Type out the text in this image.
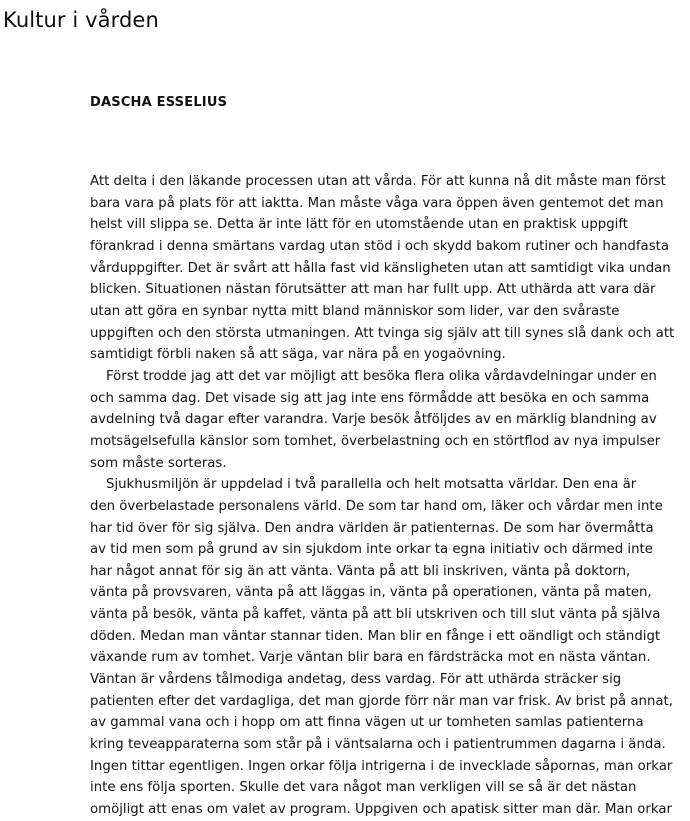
Kultur i vården
DASCHA ESSELIUS
Att delta i den läkande processen utan att vårda. För att kunna nå dit måste man först
bara vara på plats för att iaktta. Man måste våga vara öppen även gentemot det man
helst vill slippa se. Detta är inte lätt för en utomstående utan en praktisk uppgift
förankrad i denna smärtans vardag utan stöd i och skydd bakom rutiner och handfasta
vårduppgifter. Det är svårt att hålla fast vid känsligheten utan att samtidigt vika undan
blicken. Situationen nästan förutsätter att man har fullt upp. Att uthärda att vara där
utan att göra en synbar nytta mitt bland människor som lider, var den svåraste
uppgiften och den största utmaningen. Att tvinga sig själv att till synes slå dank och att
samtidigt förbli naken så att säga, var nära på en yogaövning.
Först trodde jag att det var möjligt att besöka flera olika vårdavdelningar under en
och samma dag. Det visade sig att jag inte ens förmådde att besöka en och samma
avdelning två dagar efter varandra. Varje besök åtföljdes av en märklig blandning av
motsägelsefulla känslor som tomhet, överbelastning och en störtflod av nya impulser
som måste sorteras.
Sjukhusmiljön är uppdelad i två parallella och helt motsatta världar. Den ena är
den överbelastade personalens värld. De som tar hand om, läker och vårdar men inte
har tid över för sig själva. Den andra världen är patienternas. De som har övermåtta
av tid men som på grund av sin sjukdom inte orkar ta egna initiativ och därmed inte
har något annat för sig än att vänta. Vänta på att bli inskriven, vänta på doktorn,
vänta på provsvaren, vänta på att läggas in, vänta på operationen, vänta på maten,
vänta på besök, vänta på kaffet, vänta på att bli utskriven och till slut vänta på själva
döden. Medan man väntar stannar tiden. Man blir en fånge i ett oändligt och ständigt
växande rum av tomhet. Varje väntan blir bara en färdsträcka mot en nästa väntan.
Väntan är vårdens tålmodiga andetag, dess vardag. För att uthärda sträcker sig
patienten efter det vardagliga, det man gjorde förr när man var frisk. Av brist på annat,
av gammal vana och i hopp om att finna vägen ut ur tomheten samlas patienterna
kring teveapparaterna som står på i väntsalarna och i patientrummen dagarna i ända.
Ingen tittar egentligen. Ingen orkar följa intrigerna i de invecklade såpornas, man orkar
inte ens följa sporten. Skulle det vara något man verkligen vill se så är det nästan
omöjligt att enas om valet av program. Uppgiven och apatisk sitter man där. Man orkar
